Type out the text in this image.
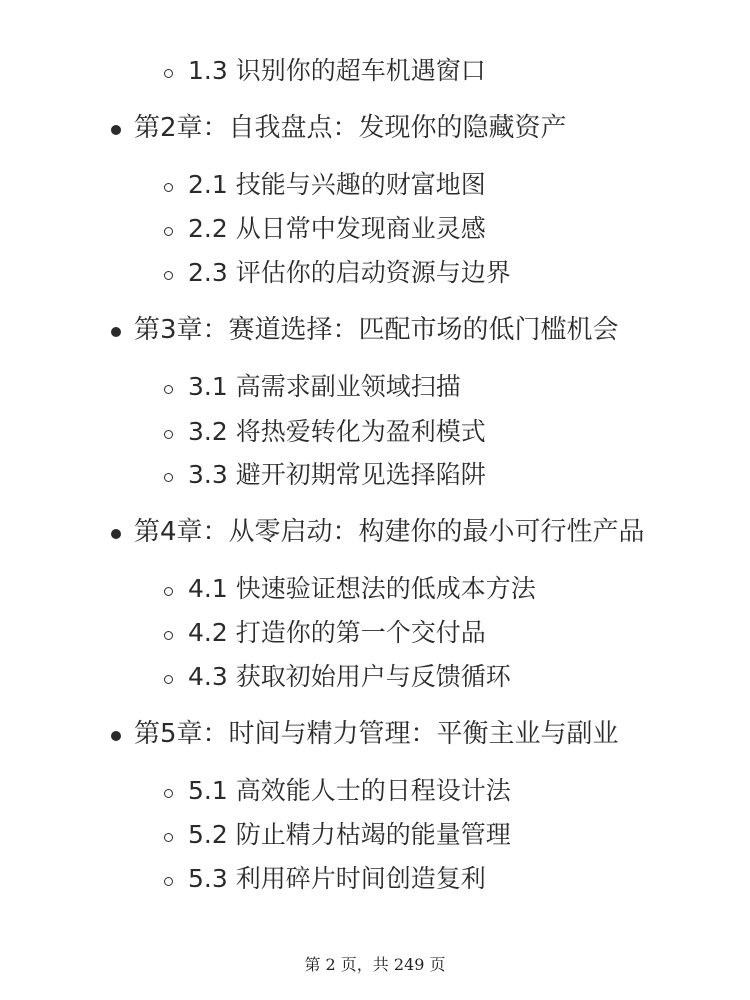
1.3 识别你的超车机遇窗口
第2章：自我盘点：发现你的隐藏资产
2.1 技能与兴趣的财富地图
2.2 从日常中发现商业灵感
2.3 评估你的启动资源与边界
第3章：赛道选择：匹配市场的低门槛机会
3.1 高需求副业领域扫描
3.2 将热爱转化为盈利模式
3.3 避开初期常见选择陷阱
第4章：从零启动：构建你的最小可行性产品
4.1 快速验证想法的低成本方法
4.2 打造你的第一个交付品
4.3 获取初始用户与反馈循环
第5章：时间与精力管理：平衡主业与副业
5.1 高效能人士的日程设计法
5.2 防止精力枯竭的能量管理
5.3 利用碎片时间创造复利
第 2 页，共 249 页
